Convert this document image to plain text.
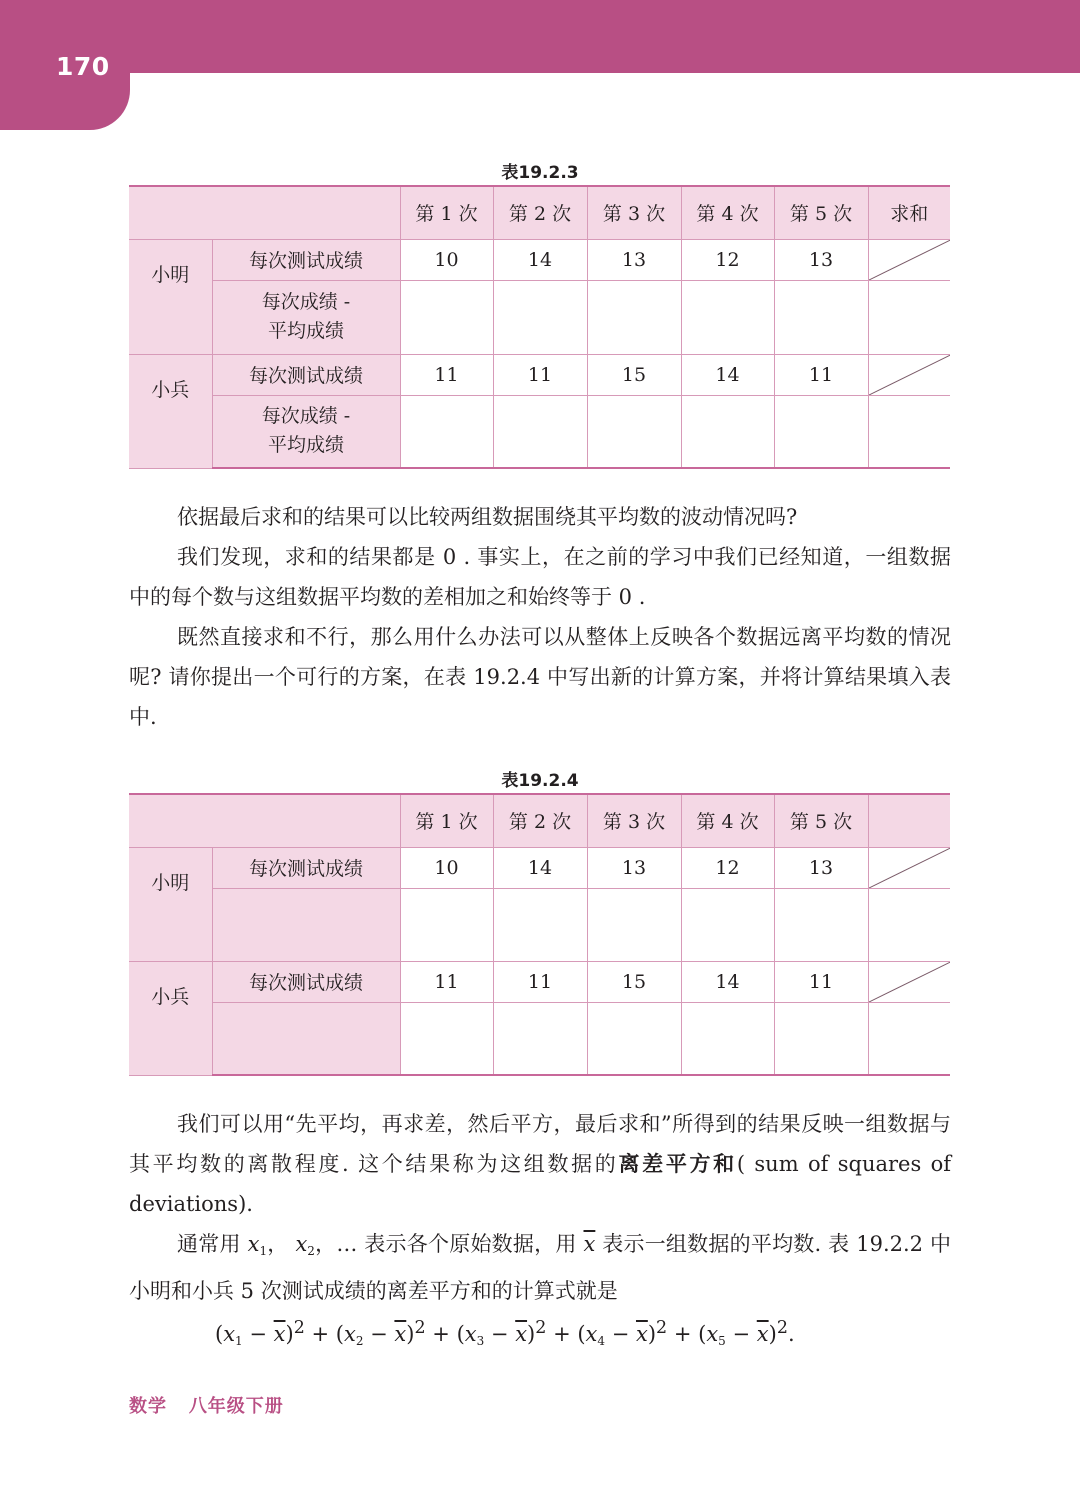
170
表19.2.3
		第 1 次	第 2 次	第 3 次	第 4 次	第 5 次	求和
小明	每次测试成绩	10	14	13	12	13	

	每次成绩 -
平均成绩						

小兵	每次测试成绩	11	11	15	14	11	

	每次成绩 -
平均成绩						

依据最后求和的结果可以比较两组数据围绕其平均数的波动情况吗?
我们发现，求和的结果都是 0 . 事实上，在之前的学习中我们已经知道，一组数据中的每个数与这组数据平均数的差相加之和始终等于 0 .
既然直接求和不行，那么用什么办法可以从整体上反映各个数据远离平均数的情况呢? 请你提出一个可行的方案，在表 19.2.4 中写出新的计算方案，并将计算结果填入表中.
表19.2.4
		第 1 次	第 2 次	第 3 次	第 4 次	第 5 次	
小明	每次测试成绩	10	14	13	12	13	

小兵	每次测试成绩	11	11	15	14	11	

我们可以用“先平均，再求差，然后平方，最后求和”所得到的结果反映一组数据与其平均数的离散程度. 这个结果称为这组数据的离差平方和( sum of squares of deviations).
通常用 $x_1$， $x_2$，… 表示各个原始数据，用 $\overline{x}$ 表示一组数据的平均数. 表 19.2.2 中小明和小兵 5 次测试成绩的离差平方和的计算式就是
$(x_1 - \overline{x})^2 + (x_2 - \overline{x})^2 + (x_3 - \overline{x})^2 + (x_4 - \overline{x})^2 + (x_5 - \overline{x})^2$.
数学 八年级下册
